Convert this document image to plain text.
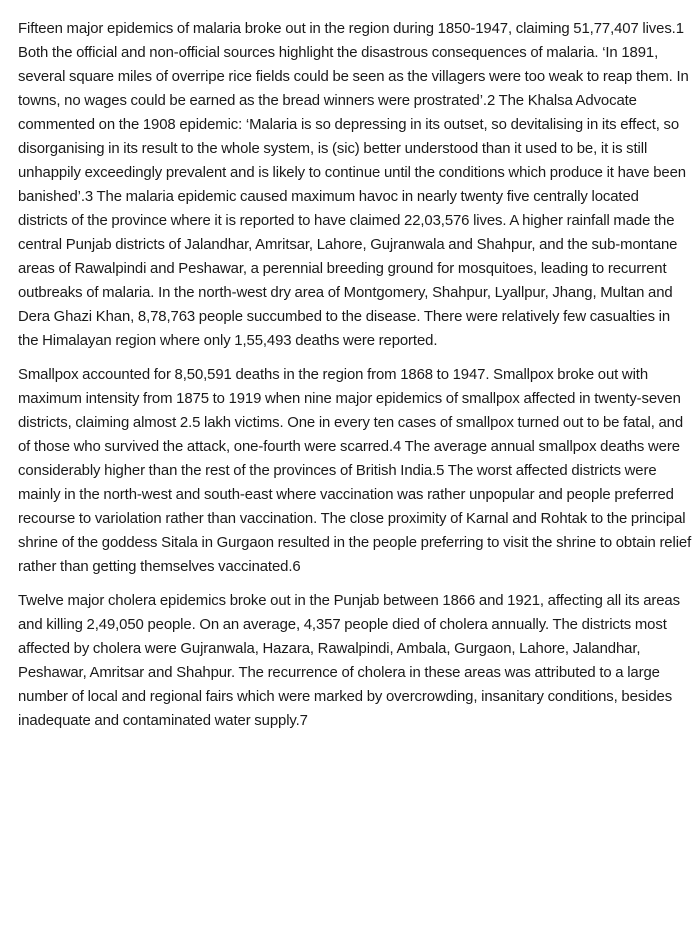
Fifteen major epidemics of malaria broke out in the region during 1850-1947, claiming 51,77,407 lives.1 Both the official and non-official sources highlight the disastrous consequences of malaria. ‘In 1891, several square miles of overripe rice fields could be seen as the villagers were too weak to reap them. In towns, no wages could be earned as the bread winners were prostrated’.2 The Khalsa Advocate commented on the 1908 epidemic: ‘Malaria is so depressing in its outset, so devitalising in its effect, so disorganising in its result to the whole system, is (sic) better understood than it used to be, it is still unhappily exceedingly prevalent and is likely to continue until the conditions which produce it have been banished’.3 The malaria epidemic caused maximum havoc in nearly twenty five centrally located districts of the province where it is reported to have claimed 22,03,576 lives. A higher rainfall made the central Punjab districts of Jalandhar, Amritsar, Lahore, Gujranwala and Shahpur, and the sub-montane areas of Rawalpindi and Peshawar, a perennial breeding ground for mosquitoes, leading to recurrent outbreaks of malaria. In the north-west dry area of Montgomery, Shahpur, Lyallpur, Jhang, Multan and Dera Ghazi Khan, 8,78,763 people succumbed to the disease. There were relatively few casualties in the Himalayan region where only 1,55,493 deaths were reported.

Smallpox accounted for 8,50,591 deaths in the region from 1868 to 1947. Smallpox broke out with maximum intensity from 1875 to 1919 when nine major epidemics of smallpox affected in twenty-seven districts, claiming almost 2.5 lakh victims. One in every ten cases of smallpox turned out to be fatal, and of those who survived the attack, one-fourth were scarred.4 The average annual smallpox deaths were considerably higher than the rest of the provinces of British India.5 The worst affected districts were mainly in the north-west and south-east where vaccination was rather unpopular and people preferred recourse to variolation rather than vaccination. The close proximity of Karnal and Rohtak to the principal shrine of the goddess Sitala in Gurgaon resulted in the people preferring to visit the shrine to obtain relief rather than getting themselves vaccinated.6

Twelve major cholera epidemics broke out in the Punjab between 1866 and 1921, affecting all its areas and killing 2,49,050 people. On an average, 4,357 people died of cholera annually. The districts most affected by cholera were Gujranwala, Hazara, Rawalpindi, Ambala, Gurgaon, Lahore, Jalandhar, Peshawar, Amritsar and Shahpur. The recurrence of cholera in these areas was attributed to a large number of local and regional fairs which were marked by overcrowding, insanitary conditions, besides inadequate and contaminated water supply.7
